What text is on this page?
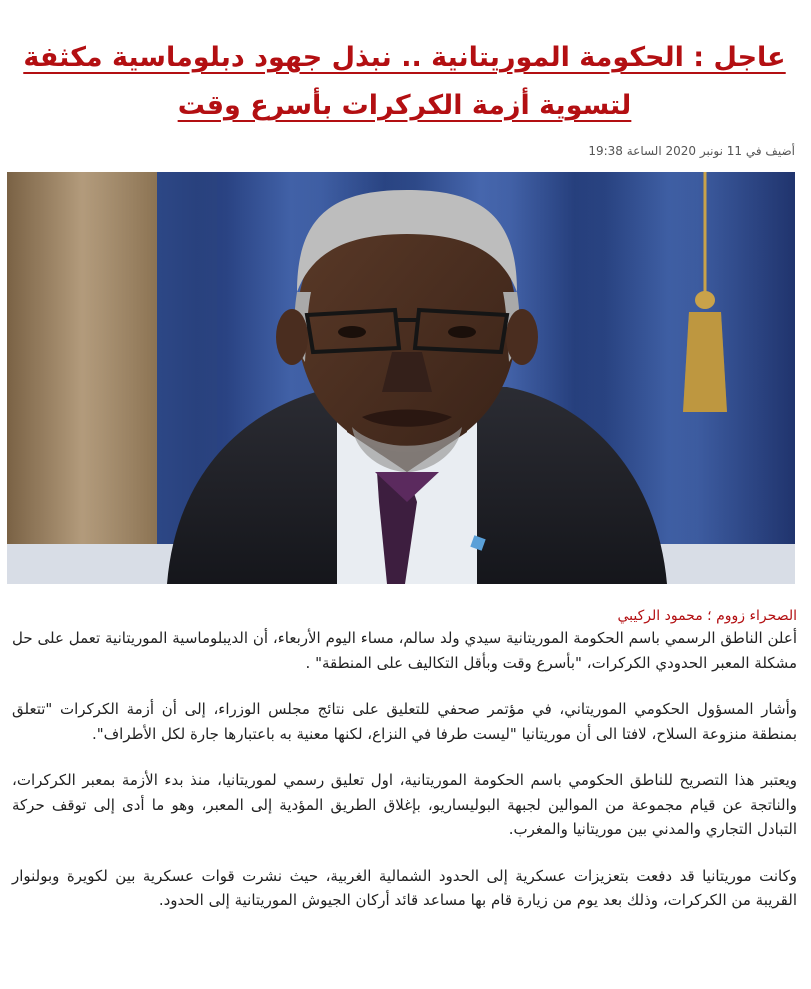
عاجل : الحكومة الموريتانية .. نبذل جهود دبلوماسية مكثفة لتسوية أزمة الكركرات بأسرع وقت
أضيف في 11 نونبر 2020 الساعة 19:38
الصحراء زووم ؛ محمود الركيبي

أعلن الناطق الرسمي باسم الحكومة الموريتانية سيدي ولد سالم، مساء اليوم الأربعاء، أن الديبلوماسية الموريتانية تعمل على حل مشكلة المعبر الحدودي الكركرات، "بأسرع وقت وبأقل التكاليف على المنطقة" .

وأشار المسؤول الحكومي الموريتاني، في مؤتمر صحفي للتعليق على نتائج مجلس الوزراء، إلى أن أزمة الكركرات "تتعلق بمنطقة منزوعة السلاح، لافتا الى أن موريتانيا "ليست طرفا في النزاع، لكنها معنية به باعتبارها جارة لكل الأطراف".

ويعتبر هذا التصريح للناطق الحكومي باسم الحكومة الموريتانية، اول تعليق رسمي لموريتانيا، منذ بدء الأزمة بمعبر الكركرات، والناتجة عن قيام مجموعة من الموالين لجبهة البوليساريو، بإغلاق الطريق المؤدية إلى المعبر، وهو ما أدى إلى توقف حركة التبادل التجاري والمدني بين موريتانيا والمغرب.

وكانت موريتانيا قد دفعت بتعزيزات عسكرية إلى الحدود الشمالية الغربية، حيث نشرت قوات عسكرية بين لكويرة وبولنوار القريبة من الكركرات، وذلك بعد يوم من زيارة قام بها مساعد قائد أركان الجيوش الموريتانية إلى الحدود.
